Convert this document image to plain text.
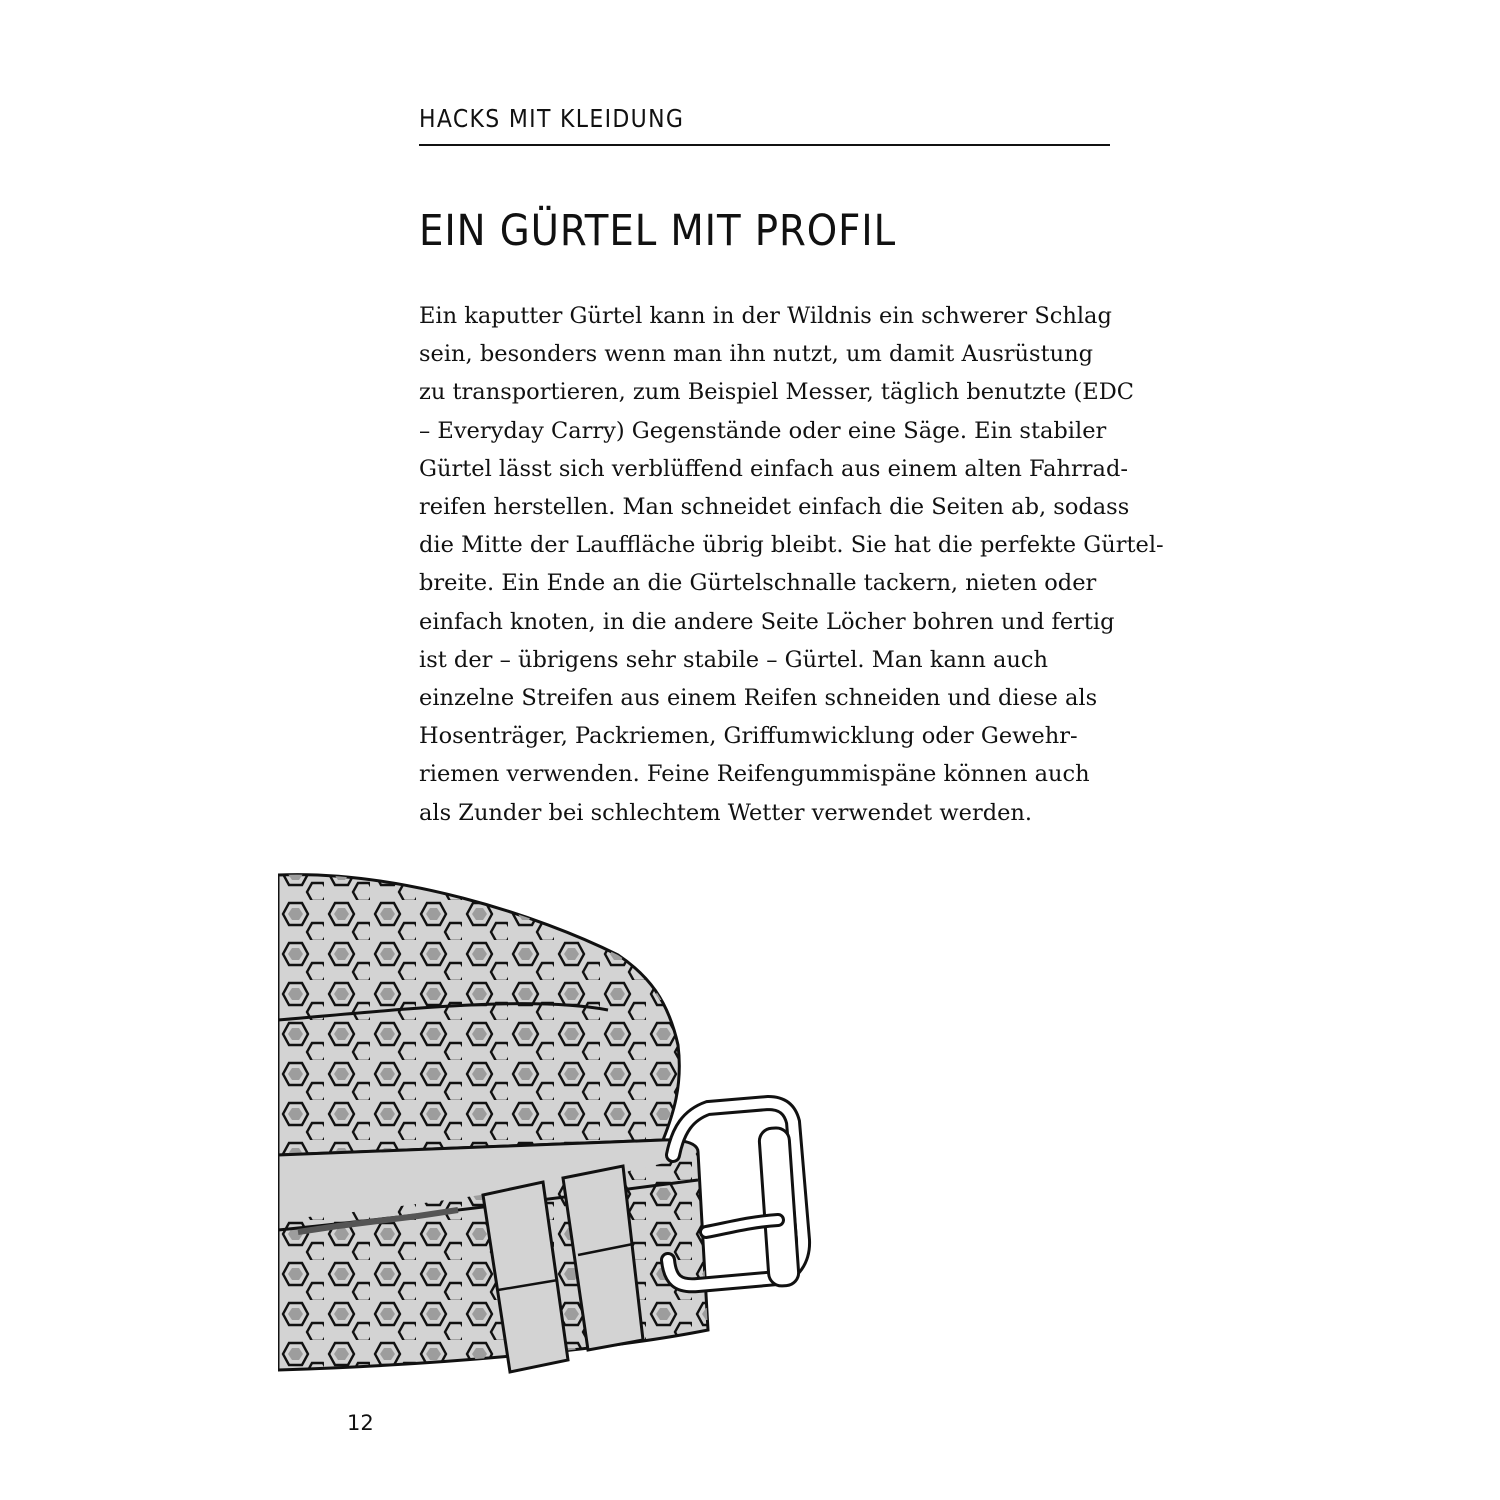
HACKS MIT KLEIDUNG
EIN GÜRTEL MIT PROFIL

Ein kaputter Gürtel kann in der Wildnis ein schwerer Schlag
sein, besonders wenn man ihn nutzt, um damit Ausrüstung
zu transportieren, zum Beispiel Messer, täglich benutzte (EDC
– Everyday Carry) Gegenstände oder eine Säge. Ein stabiler
Gürtel lässt sich verblüffend einfach aus einem alten Fahrrad-
reifen herstellen. Man schneidet einfach die Seiten ab, sodass
die Mitte der Lauffläche übrig bleibt. Sie hat die perfekte Gürtel-
breite. Ein Ende an die Gürtelschnalle tackern, nieten oder
einfach knoten, in die andere Seite Löcher bohren und fertig
ist der – übrigens sehr stabile – Gürtel. Man kann auch
einzelne Streifen aus einem Reifen schneiden und diese als
Hosenträger, Packriemen, Griffumwicklung oder Gewehr-
riemen verwenden. Feine Reifengummispäne können auch
als Zunder bei schlechtem Wetter verwendet werden.

12
